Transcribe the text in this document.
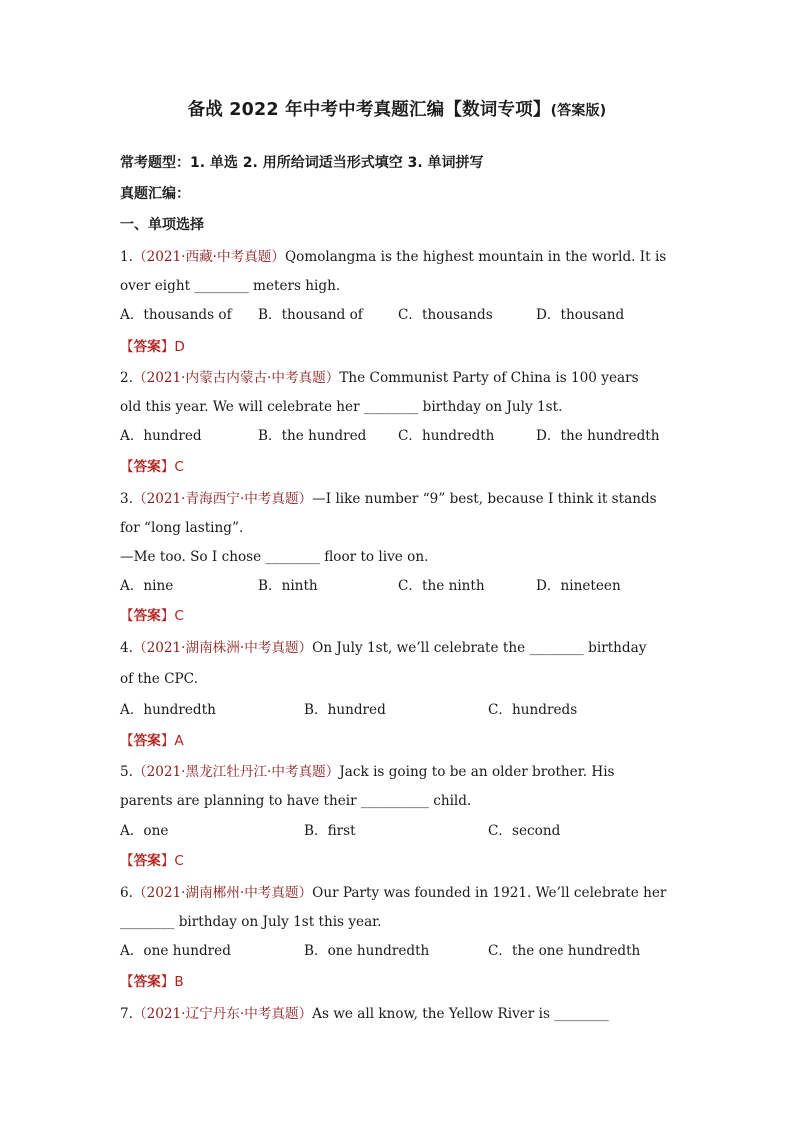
备战 2022 年中考中考真题汇编【数词专项】(答案版)
常考题型：1. 单选 2. 用所给词适当形式填空 3. 单词拼写
真题汇编：
一、单项选择
1.（2021·西藏·中考真题）Qomolangma is the highest mountain in the world. It is
over eight ________ meters high.
A．thousands of B．thousand of	C．thousands	D．thousand
【答案】D
2.（2021·内蒙古内蒙古·中考真题）The Communist Party of China is 100 years
old this year. We will celebrate her ________ birthday on July 1st.
A．hundred	B．the hundred C．hundredth	D．the hundredth
【答案】C
3.（2021·青海西宁·中考真题）—I like number “9” best, because I think it stands
for “long lasting”.
—Me too. So I chose ________ floor to live on.
A．nine	B．ninth	C．the ninth	D．nineteen
【答案】C
4.（2021·湖南株洲·中考真题）On July 1st, we’ll celebrate the ________ birthday
of the CPC.
A．hundredth	B．hundred	C．hundreds
【答案】A
5.（2021·黑龙江牡丹江·中考真题）Jack is going to be an older brother. His
parents are planning to have their __________ child.
A．one	B．first	C．second
【答案】C
6.（2021·湖南郴州·中考真题）Our Party was founded in 1921. We’ll celebrate her
________ birthday on July 1st this year.
A．one hundred	B．one hundredth	C．the one hundredth
【答案】B
7.（2021·辽宁丹东·中考真题）As we all know, the Yellow River is ________
